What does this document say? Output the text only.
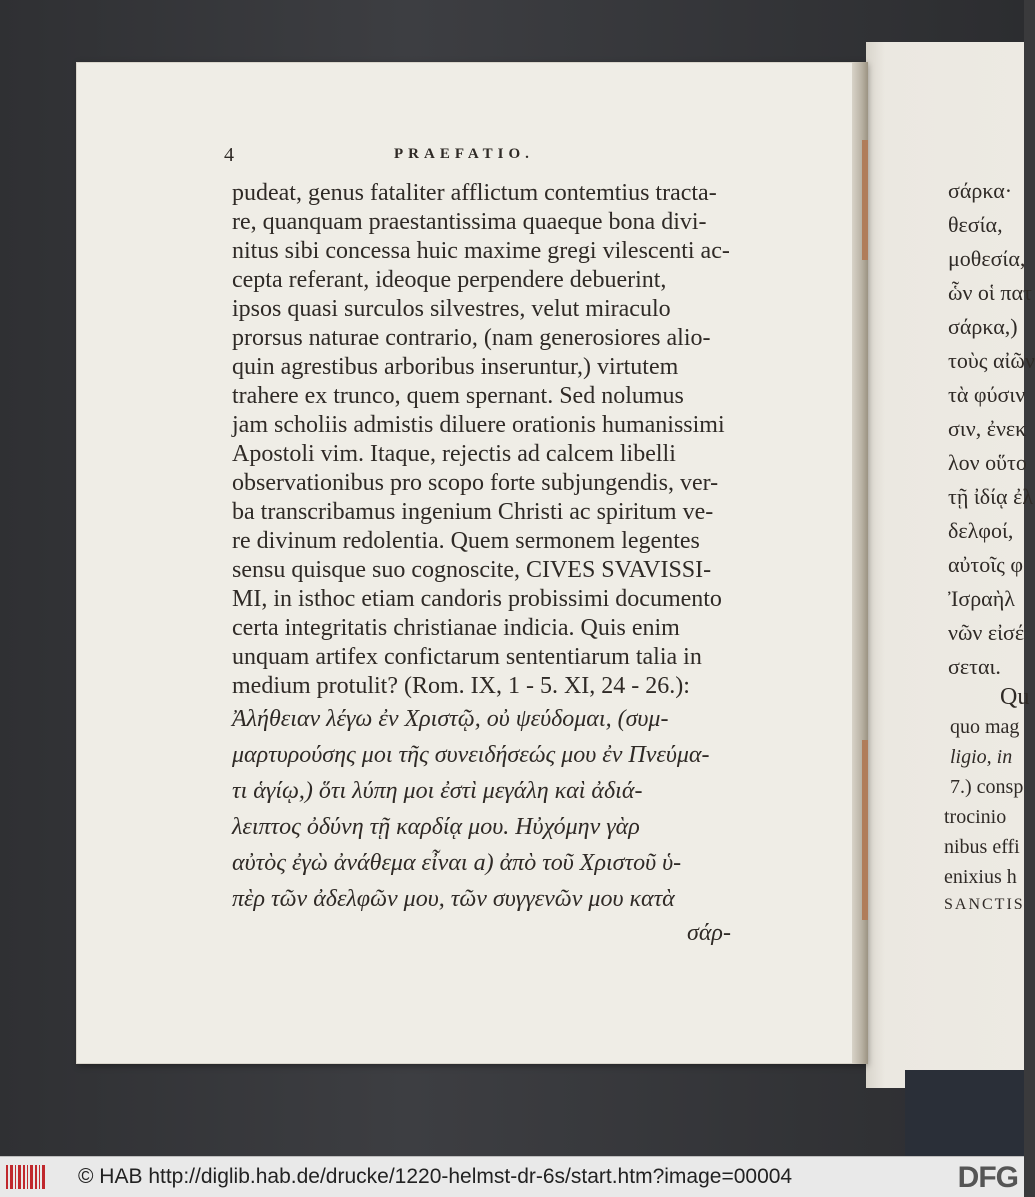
4	PRAEFATIO.
pudeat, genus fataliter afflictum contemtius tracta-
re, quanquam praestantissima quaeque bona divi-
nitus sibi concessa huic maxime gregi vilescenti ac-
cepta referant, ideoque perpendere debuerint,
ipsos quasi surculos silvestres, velut miraculo
prorsus naturae contrario, (nam generosiores alio-
quin agrestibus arboribus inseruntur,) virtutem
trahere ex trunco, quem spernant. Sed nolumus
jam scholiis admistis diluere orationis humanissimi
Apostoli vim. Itaque, rejectis ad calcem libelli
observationibus pro scopo forte subjungendis, ver-
ba transcribamus ingenium Christi ac spiritum ve-
re divinum redolentia. Quem sermonem legentes
sensu quisque suo cognoscite, CIVES SVAVISSI-
MI, in isthoc etiam candoris probissimi documento
certa integritatis christianae indicia. Quis enim
unquam artifex confictarum sententiarum talia in
medium protulit? (Rom. IX, 1 - 5. XI, 24 - 26.):
Ἀλήθειαν λέγω ἐν Χριστῷ, οὐ ψεύδομαι, (συμ-
μαρτυρούσης μοι τῆς συνειδήσεώς μου ἐν Πνεύμα-
τι ἁγίῳ,) ὅτι λύπη μοι ἐστὶ μεγάλη καὶ ἀδιά-
λειπτος ὀδύνη τῇ καρδίᾳ μου. Ηὐχόμην γὰρ
αὐτὸς ἐγὼ ἀνάθεμα εἶναι a) ἀπὸ τοῦ Χριστοῦ ὑ-
πὲρ τῶν ἀδελφῶν μου, τῶν συγγενῶν μου κατὰ
σάρ-
σάρκα·
θεσία,
μοθεσία,
ὧν οἱ πατ
σάρκα,)
τοὺς αἰῶν
τὰ φύσιν
σιν, ἐνεκ
λον οὕτο
τῇ ἰδίᾳ ἐλ
δελφοί,
αὐτοῖς φ
Ἰσραὴλ
νῶν εἰσέ
σεται.
Qu
quo mag
ligio, in
7.) consp
trocinio
nibus effi
enixius h
SANCTIS
© HAB http://diglib.hab.de/drucke/1220-helmst-dr-6s/start.htm?image=00004	DFG
